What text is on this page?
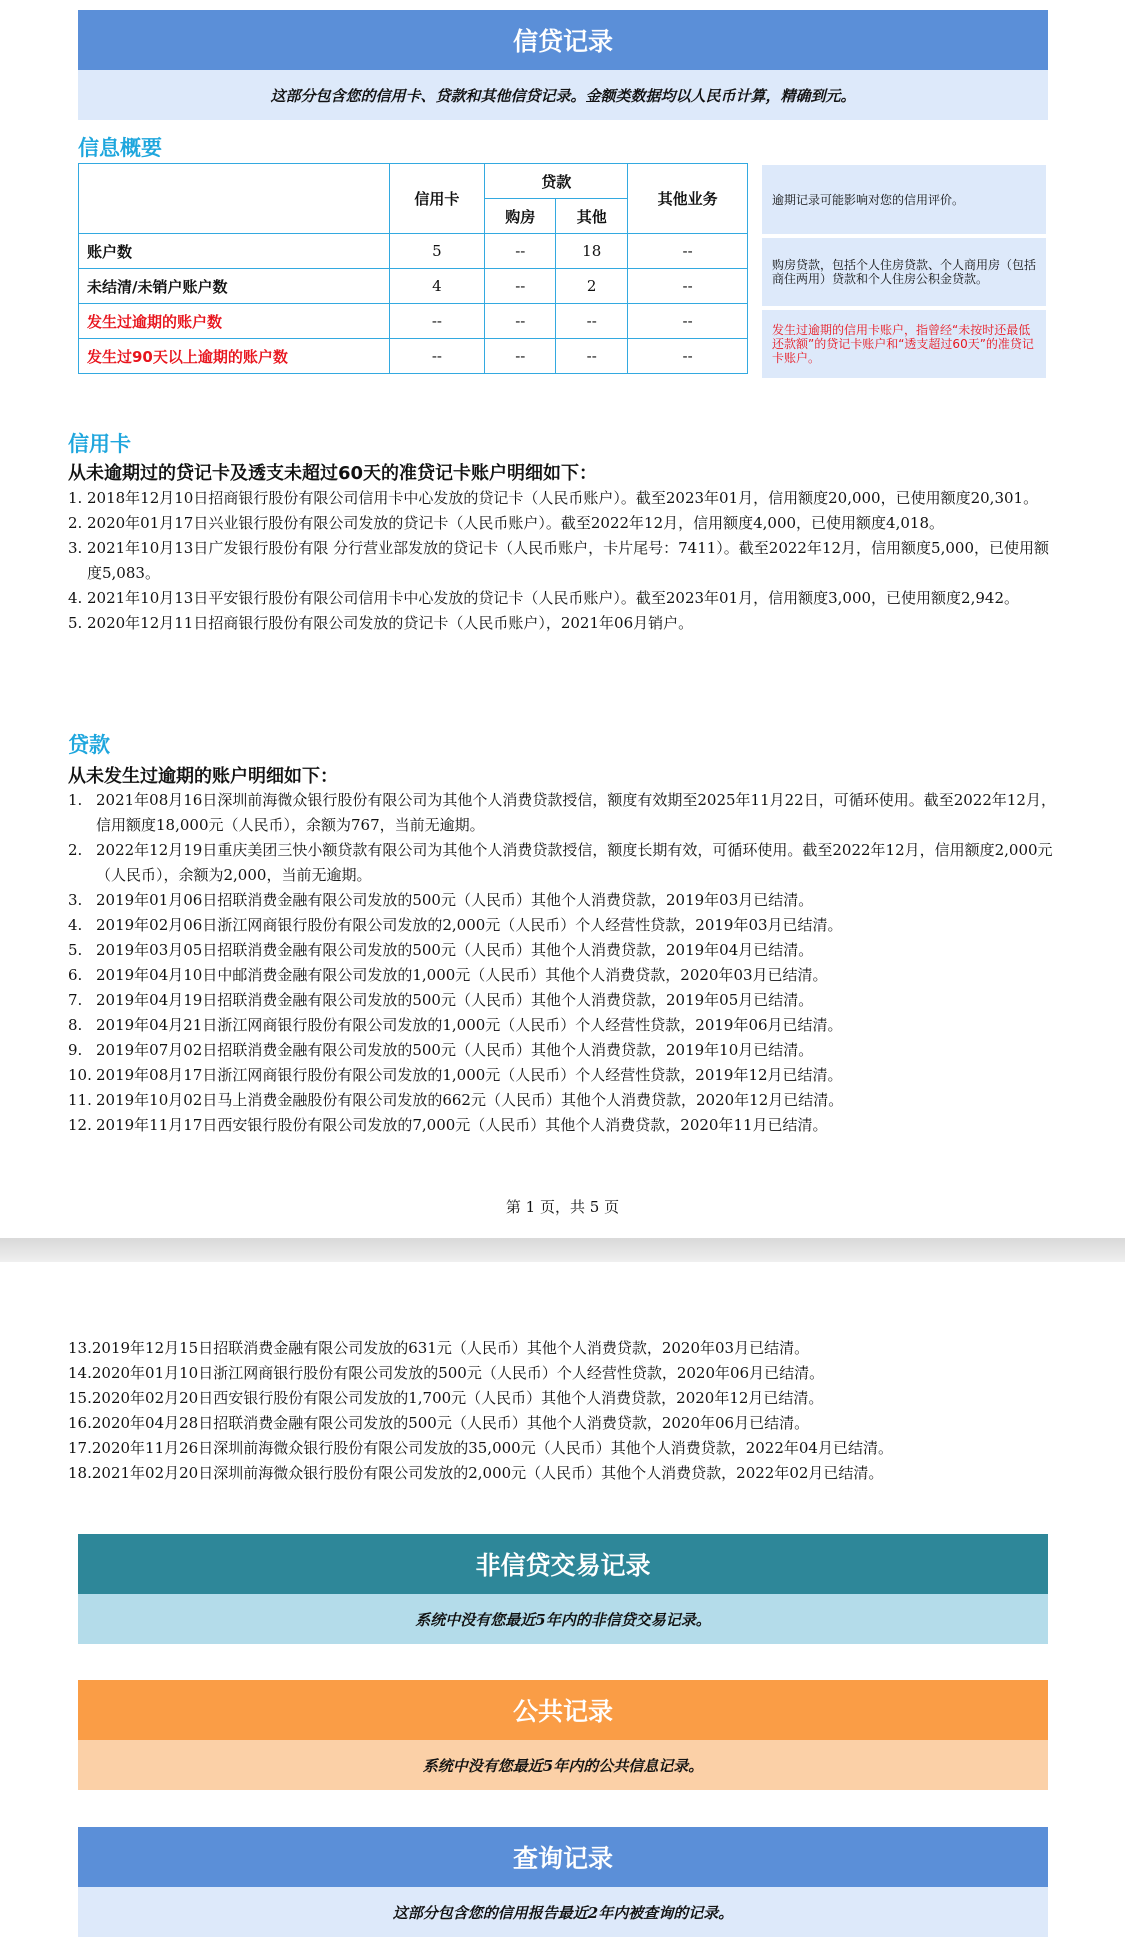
信贷记录
这部分包含您的信用卡、贷款和其他信贷记录。金额类数据均以人民币计算，精确到元。
信息概要
	信用卡	贷款		其他业务
		购房	其他	
账户数	5	--	18	--
未结清/未销户账户数	4	--	2	--
发生过逾期的账户数	--	--	--	--
发生过90天以上逾期的账户数	--	--	--	--
逾期记录可能影响对您的信用评价。
购房贷款，包括个人住房贷款、个人商用房（包括商住两用）贷款和个人住房公积金贷款。
发生过逾期的信用卡账户，指曾经“未按时还最低还款额”的贷记卡账户和“透支超过60天”的准贷记卡账户。
信用卡
从未逾期过的贷记卡及透支未超过60天的准贷记卡账户明细如下：
1. 2018年12月10日招商银行股份有限公司信用卡中心发放的贷记卡（人民币账户）。截至2023年01月，信用额度20,000，已使用额度20,301。
2. 2020年01月17日兴业银行股份有限公司发放的贷记卡（人民币账户）。截至2022年12月，信用额度4,000，已使用额度4,018。
3. 2021年10月13日广发银行股份有限 分行营业部发放的贷记卡（人民币账户，卡片尾号：7411）。截至2022年12月，信用额度5,000，已使用额度5,083。
4. 2021年10月13日平安银行股份有限公司信用卡中心发放的贷记卡（人民币账户）。截至2023年01月，信用额度3,000，已使用额度2,942。
5. 2020年12月11日招商银行股份有限公司发放的贷记卡（人民币账户），2021年06月销户。
贷款
从未发生过逾期的账户明细如下：
1. 2021年08月16日深圳前海微众银行股份有限公司为其他个人消费贷款授信，额度有效期至2025年11月22日，可循环使用。截至2022年12月，信用额度18,000元（人民币），余额为767，当前无逾期。
2. 2022年12月19日重庆美团三快小额贷款有限公司为其他个人消费贷款授信，额度长期有效，可循环使用。截至2022年12月，信用额度2,000元（人民币），余额为2,000，当前无逾期。
3. 2019年01月06日招联消费金融有限公司发放的500元（人民币）其他个人消费贷款，2019年03月已结清。
4. 2019年02月06日浙江网商银行股份有限公司发放的2,000元（人民币）个人经营性贷款，2019年03月已结清。
5. 2019年03月05日招联消费金融有限公司发放的500元（人民币）其他个人消费贷款，2019年04月已结清。
6. 2019年04月10日中邮消费金融有限公司发放的1,000元（人民币）其他个人消费贷款，2020年03月已结清。
7. 2019年04月19日招联消费金融有限公司发放的500元（人民币）其他个人消费贷款，2019年05月已结清。
8. 2019年04月21日浙江网商银行股份有限公司发放的1,000元（人民币）个人经营性贷款，2019年06月已结清。
9. 2019年07月02日招联消费金融有限公司发放的500元（人民币）其他个人消费贷款，2019年10月已结清。
10. 2019年08月17日浙江网商银行股份有限公司发放的1,000元（人民币）个人经营性贷款，2019年12月已结清。
11. 2019年10月02日马上消费金融股份有限公司发放的662元（人民币）其他个人消费贷款，2020年12月已结清。
12. 2019年11月17日西安银行股份有限公司发放的7,000元（人民币）其他个人消费贷款，2020年11月已结清。
第 1 页，共 5 页
13. 2019年12月15日招联消费金融有限公司发放的631元（人民币）其他个人消费贷款，2020年03月已结清。
14. 2020年01月10日浙江网商银行股份有限公司发放的500元（人民币）个人经营性贷款，2020年06月已结清。
15. 2020年02月20日西安银行股份有限公司发放的1,700元（人民币）其他个人消费贷款，2020年12月已结清。
16. 2020年04月28日招联消费金融有限公司发放的500元（人民币）其他个人消费贷款，2020年06月已结清。
17. 2020年11月26日深圳前海微众银行股份有限公司发放的35,000元（人民币）其他个人消费贷款，2022年04月已结清。
18. 2021年02月20日深圳前海微众银行股份有限公司发放的2,000元（人民币）其他个人消费贷款，2022年02月已结清。
非信贷交易记录
系统中没有您最近5年内的非信贷交易记录。
公共记录
系统中没有您最近5年内的公共信息记录。
查询记录
这部分包含您的信用报告最近2年内被查询的记录。
